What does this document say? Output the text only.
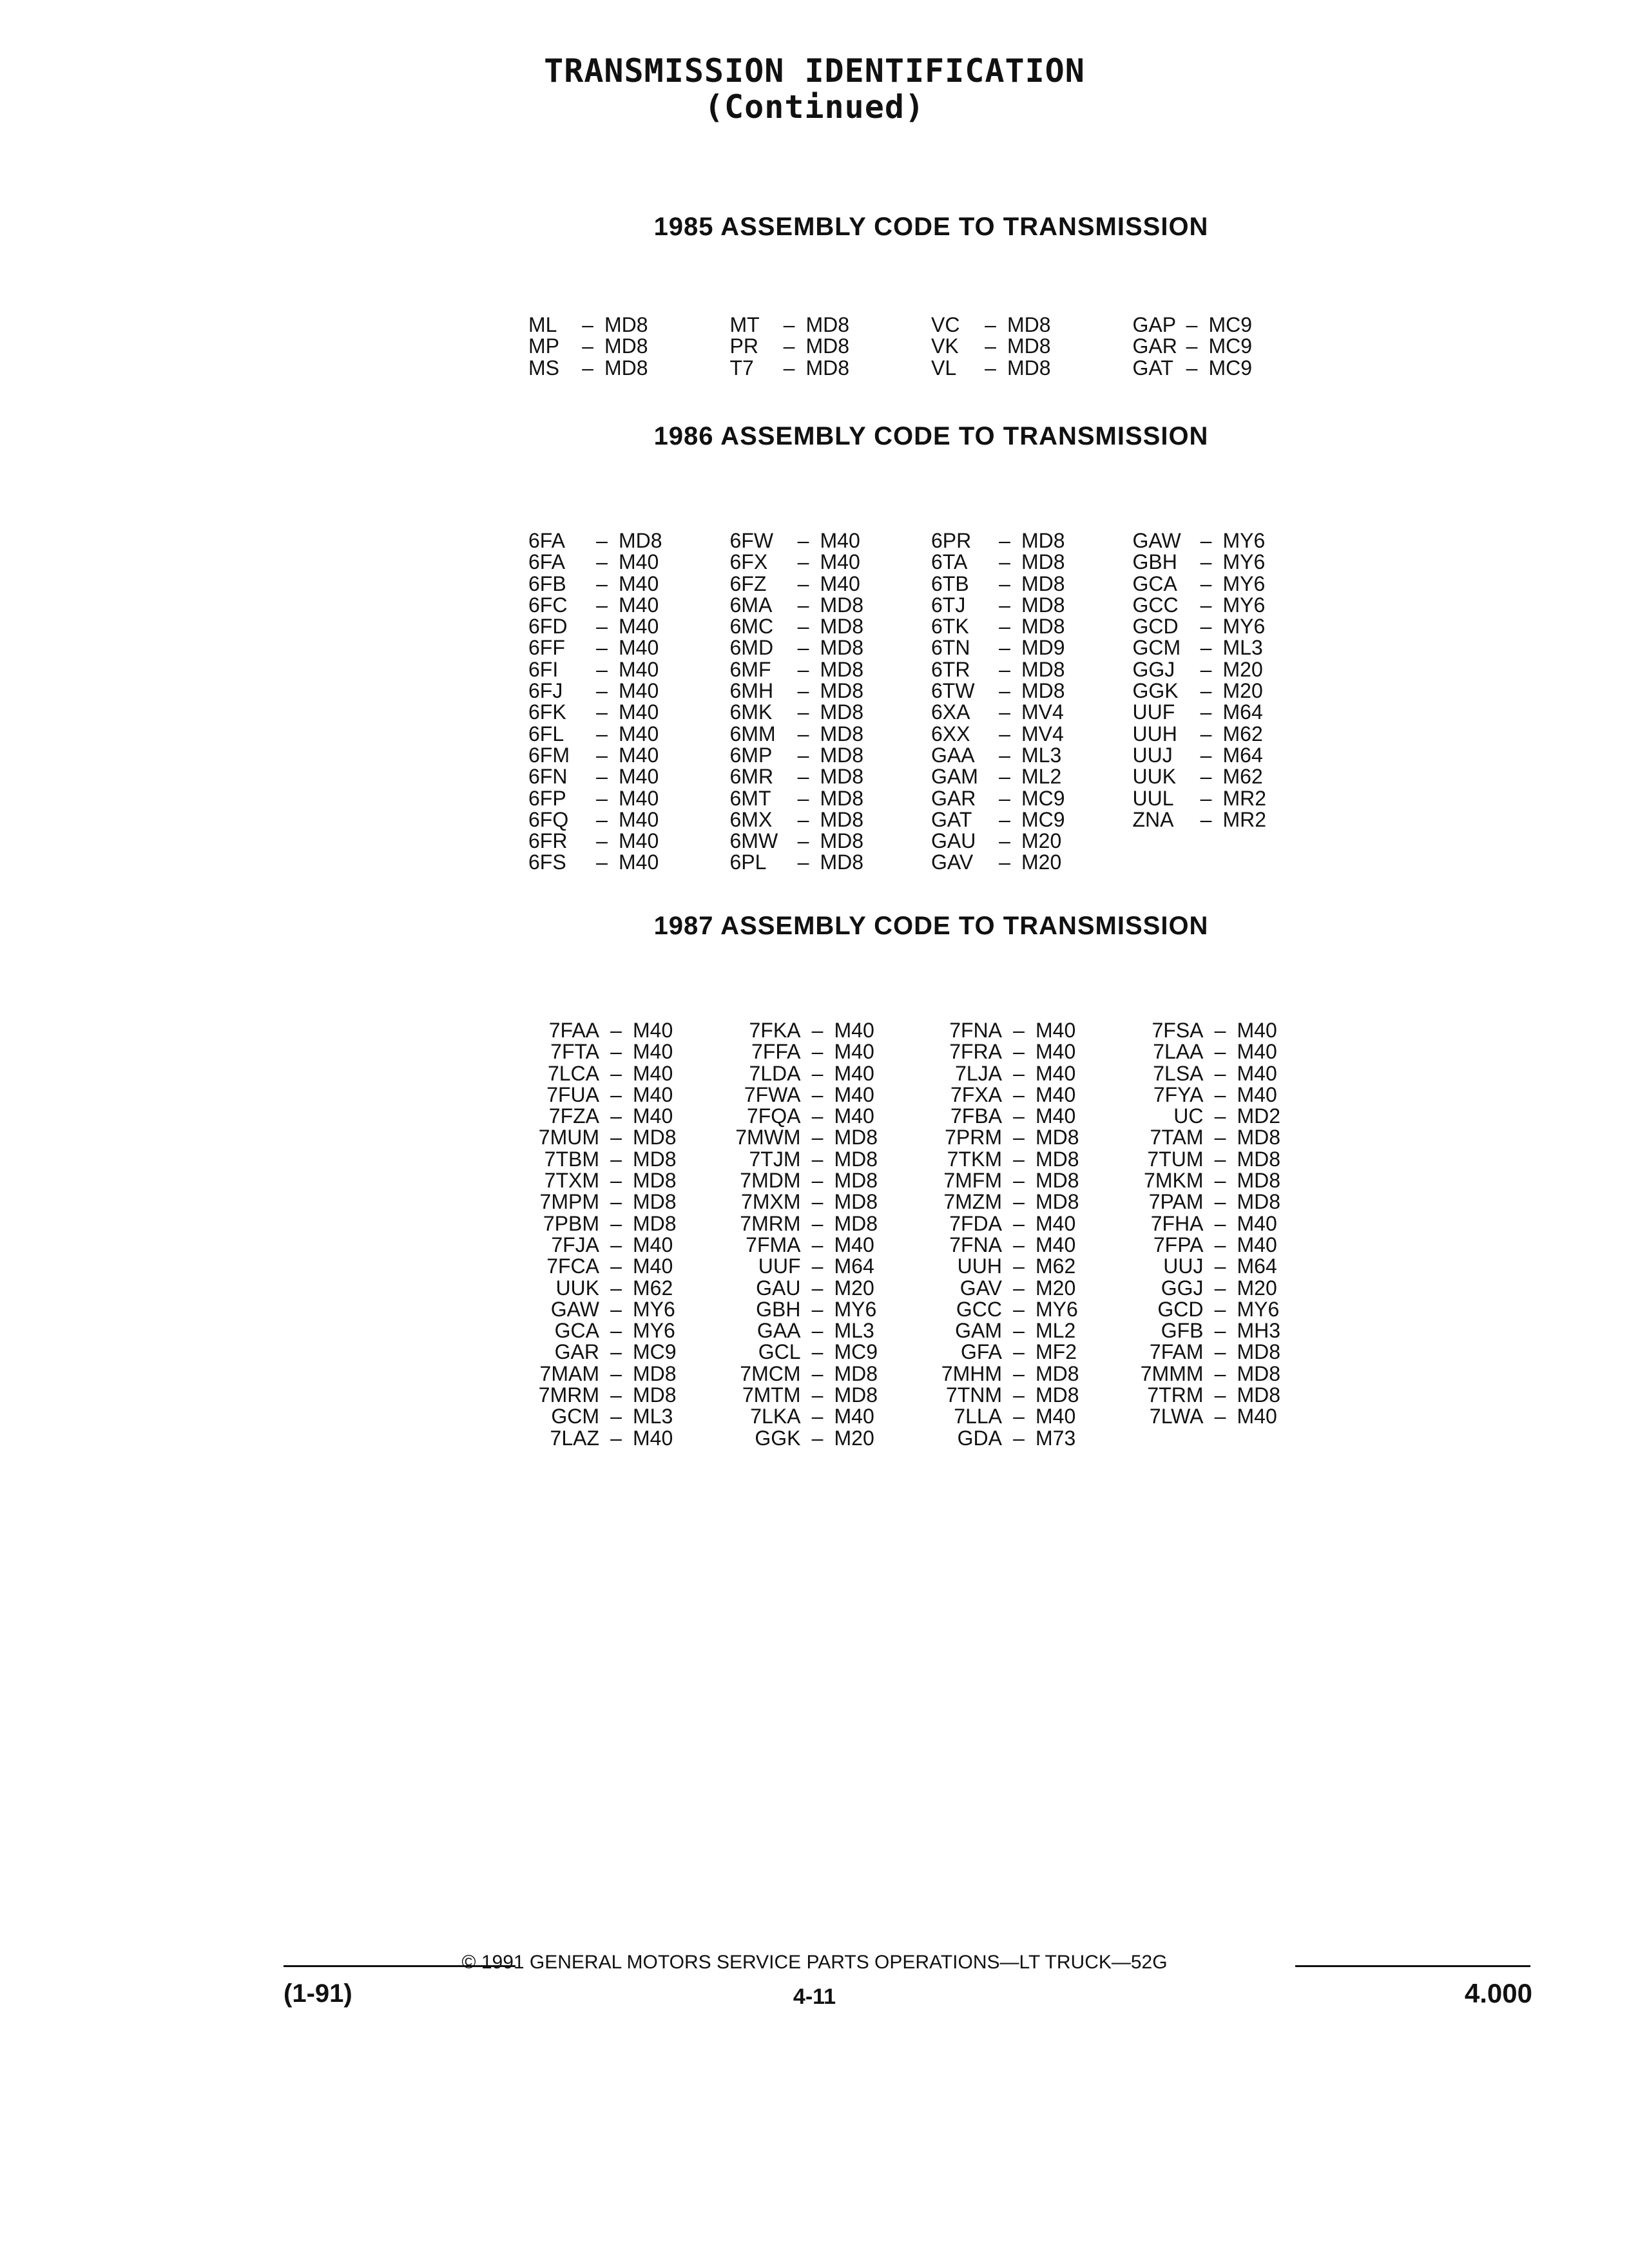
TRANSMISSION IDENTIFICATION
(Continued)
1985 ASSEMBLY CODE TO TRANSMISSION
ML	– MD8
MP	– MD8
MS	– MD8
MT	– MD8
PR	– MD8
T7	– MD8
VC	– MD8
VK	– MD8
VL	– MD8
GAP – MC9
GAR – MC9
GAT – MC9
1986 ASSEMBLY CODE TO TRANSMISSION
6FA	– MD8
6FA	– M40
6FB	– M40
6FC	– M40
6FD	– M40
6FF	– M40
6FI	– M40
6FJ	– M40
6FK	– M40
6FL	– M40
6FM	– M40
6FN	– M40
6FP	– M40
6FQ	– M40
6FR	– M40
6FS	– M40
6FW	– M40
6FX	– M40
6FZ	– M40
6MA	– MD8
6MC	– MD8
6MD	– MD8
6MF	– MD8
6MH	– MD8
6MK	– MD8
6MM	– MD8
6MP	– MD8
6MR	– MD8
6MT	– MD8
6MX	– MD8
6MW – MD8
6PL	– MD8
6PR	– MD8
6TA	– MD8
6TB	– MD8
6TJ	– MD8
6TK	– MD8
6TN	– MD9
6TR	– MD8
6TW	– MD8
6XA	– MV4
6XX	– MV4
GAA	– ML3
GAM	– ML2
GAR	– MC9
GAT	– MC9
GAU	– M20
GAV	– M20
GAW – MY6
GBH	– MY6
GCA	– MY6
GCC	– MY6
GCD	– MY6
GCM – ML3
GGJ	– M20
GGK	– M20
UUF	– M64
UUH	– M62
UUJ	– M64
UUK	– M62
UUL	– MR2
ZNA	– MR2
1987 ASSEMBLY CODE TO TRANSMISSION
7FAA – M40
7FTA – M40
7LCA – M40
7FUA – M40
7FZA – M40
7MUM – MD8
7TBM – MD8
7TXM – MD8
7MPM – MD8
7PBM – MD8
7FJA – M40
7FCA – M40
UUK – M62
GAW – MY6
GCA – MY6
GAR – MC9
7MAM – MD8
7MRM – MD8
GCM – ML3
7LAZ – M40
7FKA – M40
7FFA – M40
7LDA – M40
7FWA – M40
7FQA – M40
7MWM – MD8
7TJM – MD8
7MDM – MD8
7MXM – MD8
7MRM – MD8
7FMA – M40
UUF – M64
GAU – M20
GBH – MY6
GAA – ML3
GCL – MC9
7MCM – MD8
7MTM – MD8
7LKA – M40
GGK – M20
7FNA – M40
7FRA – M40
7LJA – M40
7FXA – M40
7FBA – M40
7PRM – MD8
7TKM – MD8
7MFM – MD8
7MZM – MD8
7FDA – M40
7FNA – M40
UUH – M62
GAV – M20
GCC – MY6
GAM – ML2
GFA – MF2
7MHM – MD8
7TNM – MD8
7LLA – M40
GDA – M73
7FSA – M40
7LAA – M40
7LSA – M40
7FYA – M40
UC – MD2
7TAM – MD8
7TUM – MD8
7MKM – MD8
7PAM – MD8
7FHA – M40
7FPA – M40
UUJ – M64
GGJ – M20
GCD – MY6
GFB – MH3
7FAM – MD8
7MMM – MD8
7TRM – MD8
7LWA – M40
© 1991 GENERAL MOTORS SERVICE PARTS OPERATIONS—LT TRUCK—52G
(1-91)	4-11	4.000
